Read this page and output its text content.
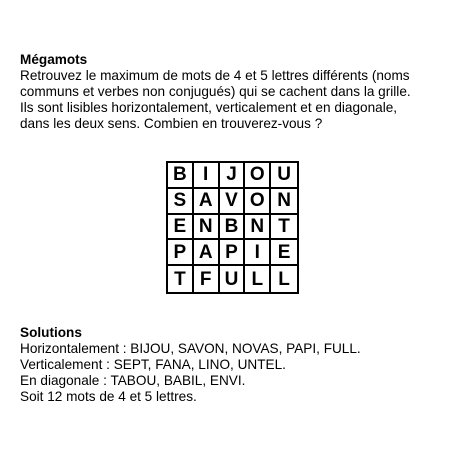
Mégamots
Retrouvez le maximum de mots de 4 et 5 lettres différents (noms
communs et verbes non conjugués) qui se cachent dans la grille.
Ils sont lisibles horizontalement, verticalement et en diagonale,
dans les deux sens. Combien en trouverez-vous ?
B I J O U
S A V O N
E N B N T
P A P I E
T F U L L
Solutions
Horizontalement : BIJOU, SAVON, NOVAS, PAPI, FULL.
Verticalement : SEPT, FANA, LINO, UNTEL.
En diagonale : TABOU, BABIL, ENVI.
Soit 12 mots de 4 et 5 lettres.
